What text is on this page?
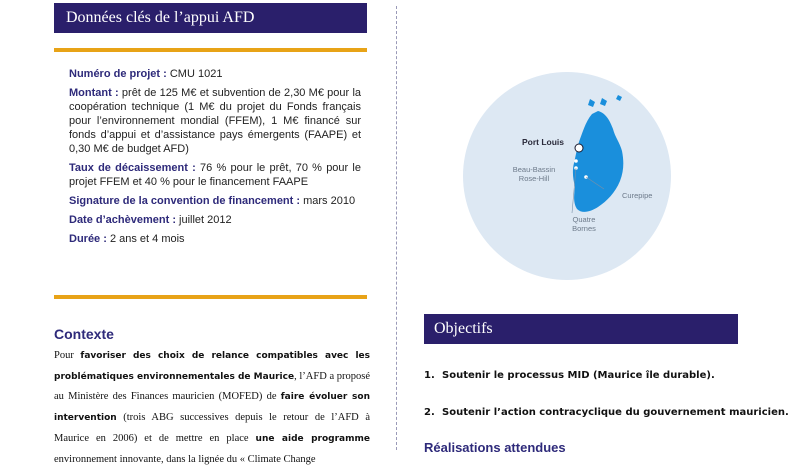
Données clés de l’appui AFD

Numéro de projet : CMU 1021

Montant : prêt de 125 M€ et subvention de 2,30 M€ pour la coopération technique (1 M€ du projet du Fonds français pour l’environnement mondial (FFEM), 1 M€ financé sur fonds d’appui et d’assistance pays émergents (FAAPE) et 0,30 M€ de budget AFD)

Taux de décaissement : 76 % pour le prêt, 70 % pour le projet FFEM et 40 % pour le financement FAAPE

Signature de la convention de financement : mars 2010

Date d’achèvement : juillet 2012

Durée : 2 ans et 4 mois

Contexte
Pour favoriser des choix de relance compatibles avec les problématiques environnementales de Maurice, l’AFD a proposé au Ministère des Finances mauricien (MOFED) de faire évoluer son intervention (trois ABG successives depuis le retour de l’AFD à Maurice en 2006) et de mettre en place une aide programme environnement innovante, dans la lignée du « Climate Change
Port Louis
Beau-Bassin
Rose-Hill
Curepipe
Quatre
Bornes
Objectifs
1. Soutenir le processus MID (Maurice île durable).
2. Soutenir l’action contracyclique du gouvernement mauricien.
Réalisations attendues
